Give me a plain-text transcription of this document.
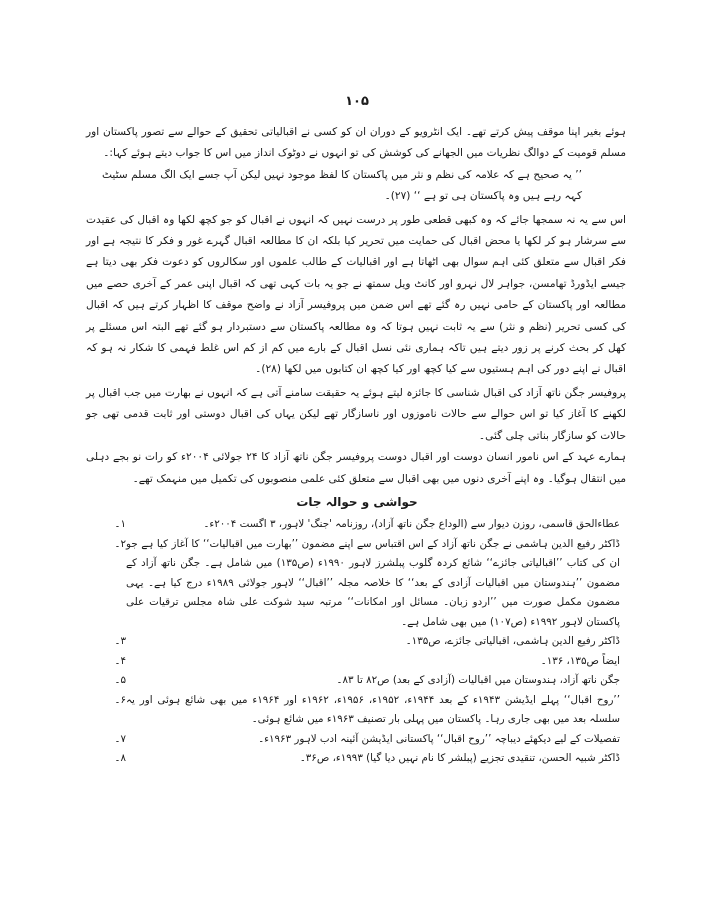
۱۰۵

ہوئے بغیر اپنا موقف پیش کرتے تھے۔ ایک انٹرویو کے دوران ان کو کسی نے اقبالیاتی تحقیق کے حوالے سے تصور پاکستان اور مسلم قومیت کے دوالگ نظریات میں الجھانے کی کوشش کی تو انہوں نے دوٹوک انداز میں اس کا جواب دیتے ہوئے کہا:۔

’’ یہ صحیح ہے کہ علامہ کی نظم و نثر میں پاکستان کا لفظ موجود نہیں لیکن آپ جسے ایک الگ مسلم سٹیٹ کہہ رہے ہیں وہ پاکستان ہی تو ہے ‘‘ (۲۷)۔

اس سے یہ نہ سمجھا جائے کہ وہ کبھی قطعی طور پر درست نہیں کہ انہوں نے اقبال کو جو کچھ لکھا وہ اقبال کی عقیدت سے سرشار ہو کر لکھا یا محض اقبال کی حمایت میں تحریر کیا بلکہ ان کا مطالعہ اقبال گہرے غور و فکر کا نتیجہ ہے اور فکر اقبال سے متعلق کئی اہم سوال بھی اٹھاتا ہے اور اقبالیات کے طالب علموں اور سکالروں کو دعوت فکر بھی دیتا ہے جیسے ایڈورڈ تھامسن، جواہر لال نہرو اور کانٹ ویل سمتھ نے جو یہ بات کہی تھی کہ اقبال اپنی عمر کے آخری حصے میں مطالعہ اور پاکستان کے حامی نہیں رہ گئے تھے اس ضمن میں پروفیسر آزاد نے واضح موقف کا اظہار کرتے ہیں کہ اقبال کی کسی تحریر (نظم و نثر) سے یہ ثابت نہیں ہوتا کہ وہ مطالعہ پاکستان سے دستبردار ہو گئے تھے البتہ اس مسئلے پر کھل کر بحث کرنے پر زور دیتے ہیں تاکہ ہماری نئی نسل اقبال کے بارے میں کم از کم اس غلط فہمی کا شکار نہ ہو کہ اقبال نے اپنے دور کی اہم ہستیوں سے کیا کچھ اور کیا کچھ ان کتابوں میں لکھا (۲۸)۔

پروفیسر جگن ناتھ آزاد کی اقبال شناسی کا جائزہ لیتے ہوئے یہ حقیقت سامنے آتی ہے کہ انہوں نے بھارت میں جب اقبال پر لکھنے کا آغاز کیا تو اس حوالے سے حالات ناموزوں اور ناسازگار تھے لیکن یہاں کی اقبال دوستی اور ثابت قدمی تھی جو حالات کو سازگار بناتی چلی گئی۔

ہمارے عہد کے اس نامور انسان دوست اور اقبال دوست پروفیسر جگن ناتھ آزاد کا ۲۴ جولائی ۲۰۰۴ء کو رات نو بجے دہلی میں انتقال ہوگیا۔ وہ اپنے آخری دنوں میں بھی اقبال سے متعلق کئی علمی منصوبوں کی تکمیل میں منہمک تھے۔

حواشی و حوالہ جات
عطاءالحق قاسمی، روزن دیوار سے (الوداع جگن ناتھ آزاد)، روزنامہ 'جنگ' لاہور، ۳ اگست ۲۰۰۴ء۔
۱۔
ڈاکٹر رفیع الدین ہاشمی نے جگن ناتھ آزاد کے اس اقتباس سے اپنے مضمون ’’بھارت میں اقبالیات‘‘ کا آغاز کیا ہے جو ان کی کتاب ’’اقبالیاتی جائزے‘‘ شائع کردہ گلوب پبلشرز لاہور ۱۹۹۰ء (ص۱۳۵) میں شامل ہے۔ جگن ناتھ آزاد کے مضمون ’’ہندوستان میں اقبالیات آزادی کے بعد‘‘ کا خلاصہ مجلہ ’’اقبال‘‘ لاہور جولائی ۱۹۸۹ء درج کیا ہے۔ یہی مضمون مکمل صورت میں ’’اردو زبان۔ مسائل اور امکانات‘‘ مرتبہ سید شوکت علی شاہ مجلس ترقیات علی پاکستان لاہور ۱۹۹۲ء (ص۱۰۷) میں بھی شامل ہے۔
۲۔
ڈاکٹر رفیع الدین ہاشمی، اقبالیاتی جائزے، ص۱۳۵۔
۳۔
ایضاً ص۱۳۵، ۱۳۶۔
۴۔
جگن ناتھ آزاد، ہندوستان میں اقبالیات (آزادی کے بعد) ص۸۲ تا ۸۳۔
۵۔
’’روح اقبال‘‘ پہلے ایڈیشن ۱۹۴۳ء کے بعد ۱۹۴۴ء، ۱۹۵۲ء، ۱۹۵۶ء، ۱۹۶۲ء اور ۱۹۶۴ء میں بھی شائع ہوئی اور یہ سلسلہ بعد میں بھی جاری رہا۔ پاکستان میں پہلی بار تصنیف ۱۹۶۳ء میں شائع ہوئی۔
۶۔
تفصیلات کے لیے دیکھئے دیباچہ ’’روح اقبال‘‘ پاکستانی ایڈیشن آئینہ ادب لاہور ۱۹۶۳ء۔
۷۔
ڈاکٹر شبیہ الحسن، تنقیدی تجزیے (پبلشر کا نام نہیں دیا گیا) ۱۹۹۳ء، ص۳۶۔
۸۔
